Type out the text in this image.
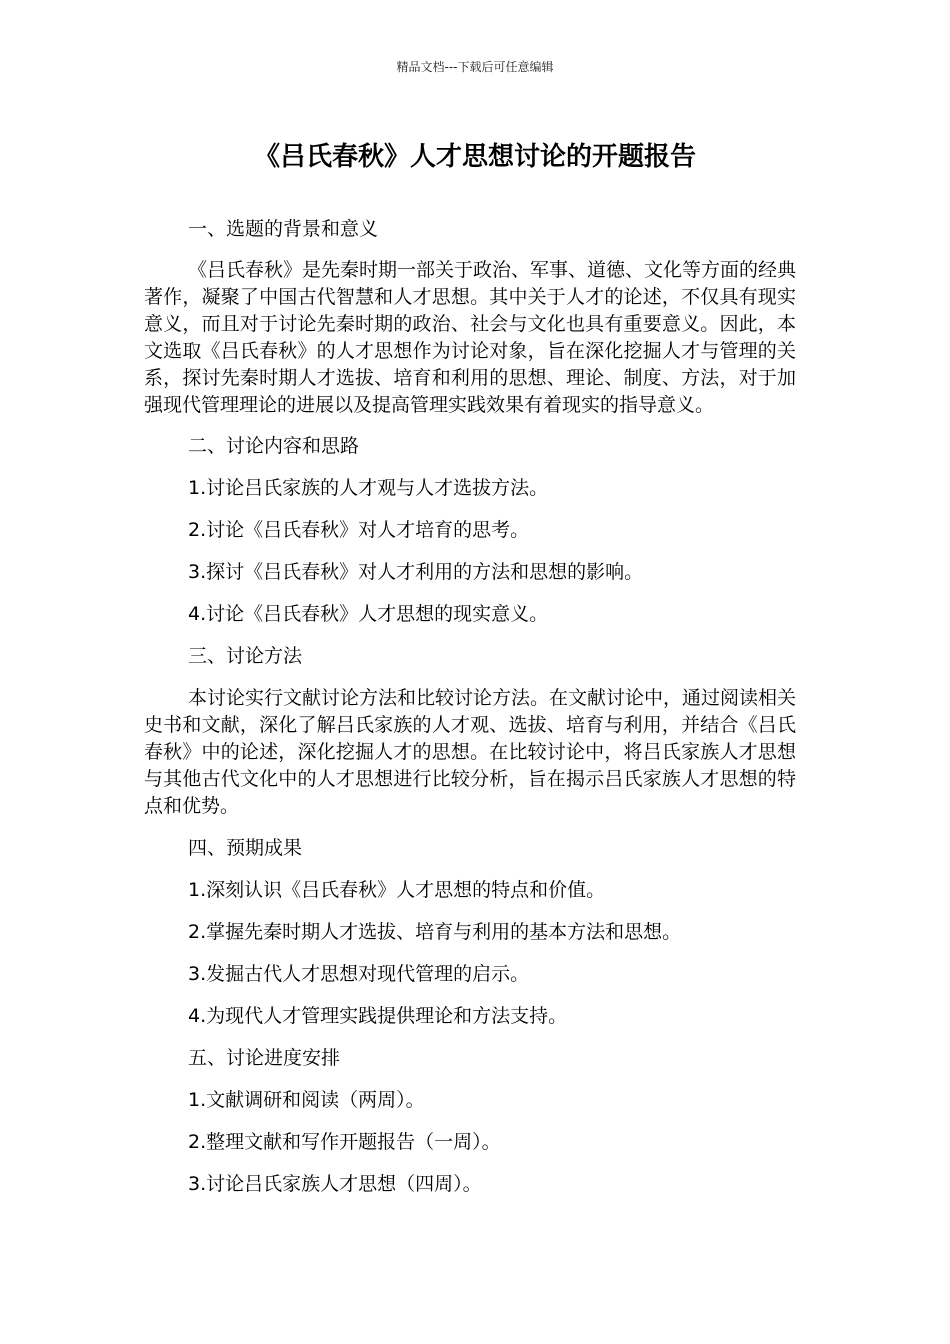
精品文档---下载后可任意编辑
《吕氏春秋》人才思想讨论的开题报告

一、选题的背景和意义

《吕氏春秋》是先秦时期一部关于政治、军事、道德、文化等方面的经典著作，凝聚了中国古代智慧和人才思想。其中关于人才的论述，不仅具有现实意义，而且对于讨论先秦时期的政治、社会与文化也具有重要意义。因此，本文选取《吕氏春秋》的人才思想作为讨论对象，旨在深化挖掘人才与管理的关系，探讨先秦时期人才选拔、培育和利用的思想、理论、制度、方法，对于加强现代管理理论的进展以及提高管理实践效果有着现实的指导意义。

二、讨论内容和思路

1.讨论吕氏家族的人才观与人才选拔方法。

2.讨论《吕氏春秋》对人才培育的思考。

3.探讨《吕氏春秋》对人才利用的方法和思想的影响。

4.讨论《吕氏春秋》人才思想的现实意义。

三、讨论方法

本讨论实行文献讨论方法和比较讨论方法。在文献讨论中，通过阅读相关史书和文献，深化了解吕氏家族的人才观、选拔、培育与利用，并结合《吕氏春秋》中的论述，深化挖掘人才的思想。在比较讨论中，将吕氏家族人才思想与其他古代文化中的人才思想进行比较分析，旨在揭示吕氏家族人才思想的特点和优势。

四、预期成果

1.深刻认识《吕氏春秋》人才思想的特点和价值。

2.掌握先秦时期人才选拔、培育与利用的基本方法和思想。

3.发掘古代人才思想对现代管理的启示。

4.为现代人才管理实践提供理论和方法支持。

五、讨论进度安排

1.文献调研和阅读（两周）。

2.整理文献和写作开题报告（一周）。

3.讨论吕氏家族人才思想（四周）。
